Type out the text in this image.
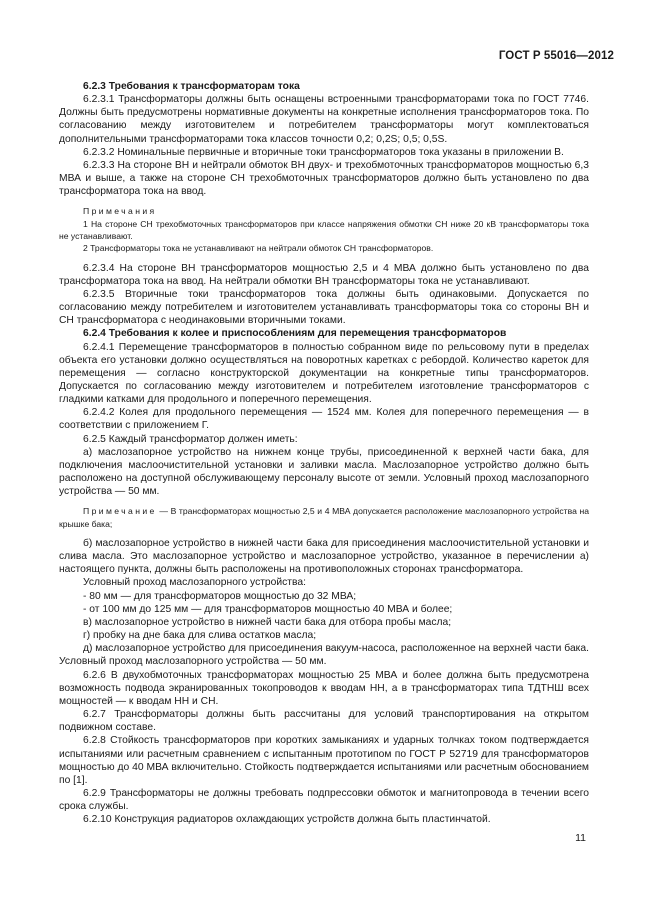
ГОСТ Р 55016—2012

6.2.3 Требования к трансформаторам тока

6.2.3.1 Трансформаторы должны быть оснащены встроенными трансформаторами тока по ГОСТ 7746. Должны быть предусмотрены нормативные документы на конкретные исполнения трансформаторов тока. По согласованию между изготовителем и потребителем трансформаторы могут комплектоваться дополнительными трансформаторами тока классов точности 0,2; 0,2S; 0,5; 0,5S.

6.2.3.2 Номинальные первичные и вторичные токи трансформаторов тока указаны в приложении В.

6.2.3.3 На стороне ВН и нейтрали обмоток ВН двух- и трехобмоточных трансформаторов мощностью 6,3 МВА и выше, а также на стороне СН трехобмоточных трансформаторов должно быть установлено по два трансформатора тока на ввод.

Примечания

1 На стороне СН трехобмоточных трансформаторов при классе напряжения обмотки СН ниже 20 кВ трансформаторы тока не устанавливают.

2 Трансформаторы тока не устанавливают на нейтрали обмоток СН трансформаторов.

6.2.3.4 На стороне ВН трансформаторов мощностью 2,5 и 4 МВА должно быть установлено по два трансформатора тока на ввод. На нейтрали обмотки ВН трансформаторы тока не устанавливают.

6.2.3.5 Вторичные токи трансформаторов тока должны быть одинаковыми. Допускается по согласованию между потребителем и изготовителем устанавливать трансформаторы тока со стороны ВН и СН трансформатора с неодинаковыми вторичными токами.

6.2.4 Требования к колее и приспособлениям для перемещения трансформаторов

6.2.4.1 Перемещение трансформаторов в полностью собранном виде по рельсовому пути в пределах объекта его установки должно осуществляться на поворотных каретках с ребордой. Количество кареток для перемещения — согласно конструкторской документации на конкретные типы трансформаторов. Допускается по согласованию между изготовителем и потребителем изготовление трансформаторов с гладкими катками для продольного и поперечного перемещения.

6.2.4.2 Колея для продольного перемещения — 1524 мм. Колея для поперечного перемещения — в соответствии с приложением Г.

6.2.5 Каждый трансформатор должен иметь:

а) маслозапорное устройство на нижнем конце трубы, присоединенной к верхней части бака, для подключения маслоочистительной установки и заливки масла. Маслозапорное устройство должно быть расположено на доступной обслуживающему персоналу высоте от земли. Условный проход маслозапорного устройства — 50 мм.

Примечание — В трансформаторах мощностью 2,5 и 4 МВА допускается расположение маслозапорного устройства на крышке бака;

б) маслозапорное устройство в нижней части бака для присоединения маслоочистительной установки и слива масла. Это маслозапорное устройство и маслозапорное устройство, указанное в перечислении а) настоящего пункта, должны быть расположены на противоположных сторонах трансформатора.

Условный проход маслозапорного устройства:

- 80 мм — для трансформаторов мощностью до 32 МВА;

- от 100 мм до 125 мм — для трансформаторов мощностью 40 МВА и более;

в) маслозапорное устройство в нижней части бака для отбора пробы масла;

г) пробку на дне бака для слива остатков масла;

д) маслозапорное устройство для присоединения вакуум-насоса, расположенное на верхней части бака. Условный проход маслозапорного устройства — 50 мм.

6.2.6 В двухобмоточных трансформаторах мощностью 25 МВА и более должна быть предусмотрена возможность подвода экранированных токопроводов к вводам НН, а в трансформаторах типа ТДТНШ всех мощностей — к вводам НН и СН.

6.2.7 Трансформаторы должны быть рассчитаны для условий транспортирования на открытом подвижном составе.

6.2.8 Стойкость трансформаторов при коротких замыканиях и ударных толчках током подтверждается испытаниями или расчетным сравнением с испытанным прототипом по ГОСТ Р 52719 для трансформаторов мощностью до 40 МВА включительно. Стойкость подтверждается испытаниями или расчетным обоснованием по [1].

6.2.9 Трансформаторы не должны требовать подпрессовки обмоток и магнитопровода в течении всего срока службы.

6.2.10 Конструкция радиаторов охлаждающих устройств должна быть пластинчатой.

11
